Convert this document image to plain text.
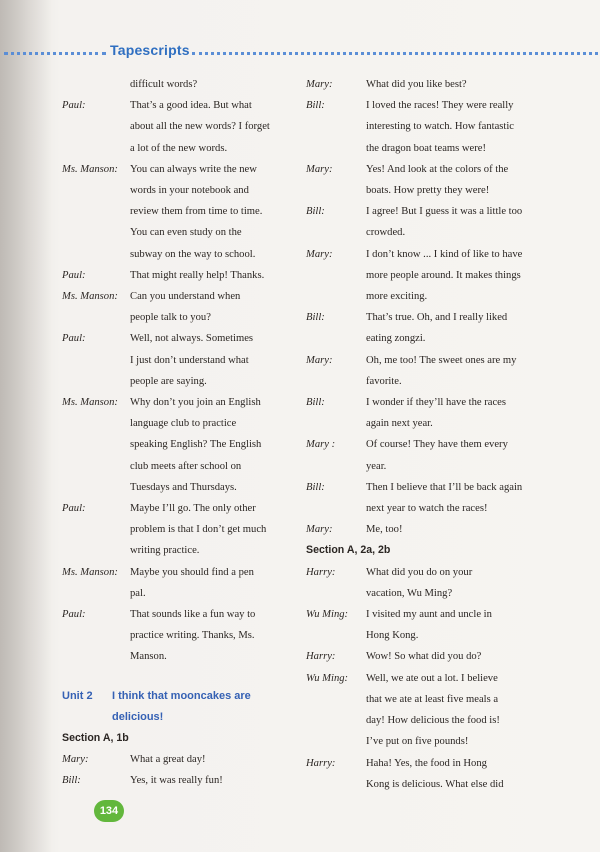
Tapescripts
difficult words?
Paul:	That’s a good idea. But what
about all the new words? I forget
a lot of the new words.
Ms. Manson: You can always write the new
words in your notebook and
review them from time to time.
You can even study on the
subway on the way to school.
Paul:	That might really help! Thanks.
Ms. Manson: Can you understand when
people talk to you?
Paul:	Well, not always. Sometimes
I just don’t understand what
people are saying.
Ms. Manson: Why don’t you join an English
language club to practice
speaking English? The English
club meets after school on
Tuesdays and Thursdays.
Paul:	Maybe I’ll go. The only other
problem is that I don’t get much
writing practice.
Ms. Manson: Maybe you should find a pen
pal.
Paul:	That sounds like a fun way to
practice writing. Thanks, Ms.
Manson.
Unit 2 I think that mooncakes are
delicious!
Section A, 1b
Mary:	What a great day!
Bill:	Yes, it was really fun!
Mary:	What did you like best?
Bill:	I loved the races! They were really
interesting to watch. How fantastic
the dragon boat teams were!
Mary:	Yes! And look at the colors of the
boats. How pretty they were!
Bill:	I agree! But I guess it was a little too
crowded.
Mary:	I don’t know ... I kind of like to have
more people around. It makes things
more exciting.
Bill:	That’s true. Oh, and I really liked
eating zongzi.
Mary:	Oh, me too! The sweet ones are my
favorite.
Bill:	I wonder if they’ll have the races
again next year.
Mary :	Of course! They have them every
year.
Bill:	Then I believe that I’ll be back again
next year to watch the races!
Mary:	Me, too!
Section A, 2a, 2b
Harry:	What did you do on your
vacation, Wu Ming?
Wu Ming: I visited my aunt and uncle in
Hong Kong.
Harry:	Wow! So what did you do?
Wu Ming: Well, we ate out a lot. I believe
that we ate at least five meals a
day! How delicious the food is!
I’ve put on five pounds!
Harry:	Haha! Yes, the food in Hong
Kong is delicious. What else did
134
